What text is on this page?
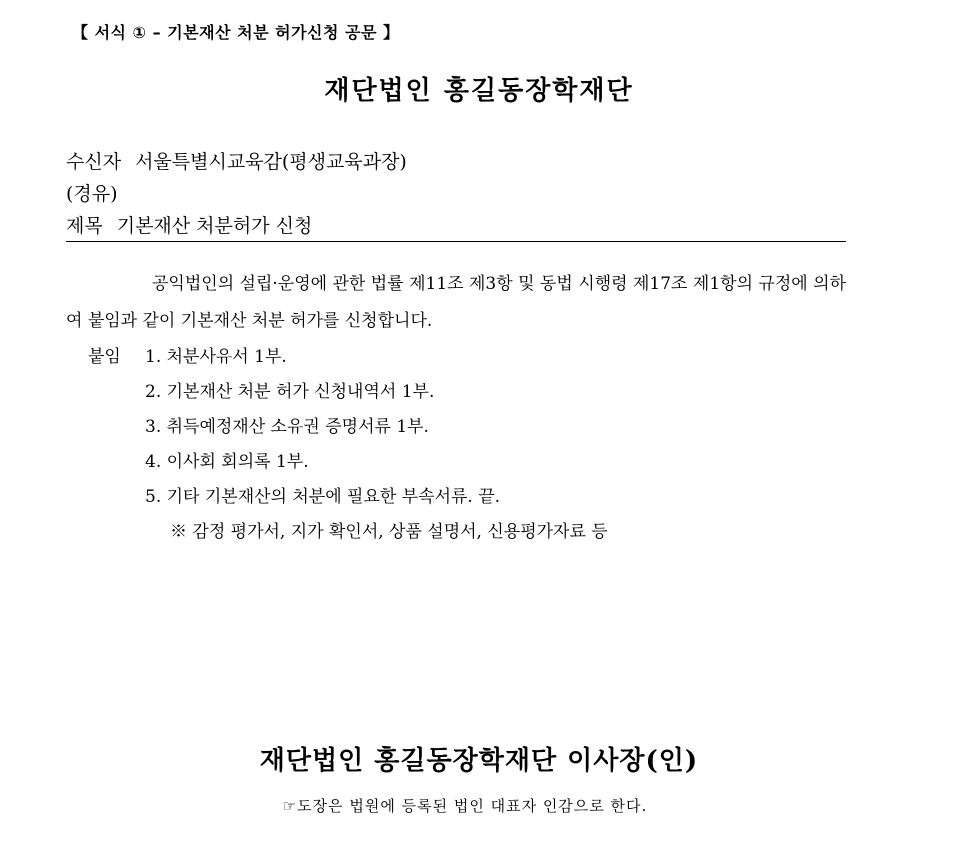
【 서식 ① – 기본재산 처분 허가신청 공문 】
재단법인 홍길동장학재단
수신자 서울특별시교육감(평생교육과장)
(경유)
제목 기본재산 처분허가 신청

공익법인의 설립·운영에 관한 법률 제11조 제3항 및 동법 시행령 제17조 제1항의 규정에 의하여 붙임과 같이 기본재산 처분 허가를 신청합니다.

붙임 1. 처분사유서 1부.
2. 기본재산 처분 허가 신청내역서 1부.
3. 취득예정재산 소유권 증명서류 1부.
4. 이사회 회의록 1부.
5. 기타 기본재산의 처분에 필요한 부속서류. 끝.
※ 감정 평가서, 지가 확인서, 상품 설명서, 신용평가자료 등
재단법인 홍길동장학재단 이사장(인)
☞도장은 법원에 등록된 법인 대표자 인감으로 한다.
